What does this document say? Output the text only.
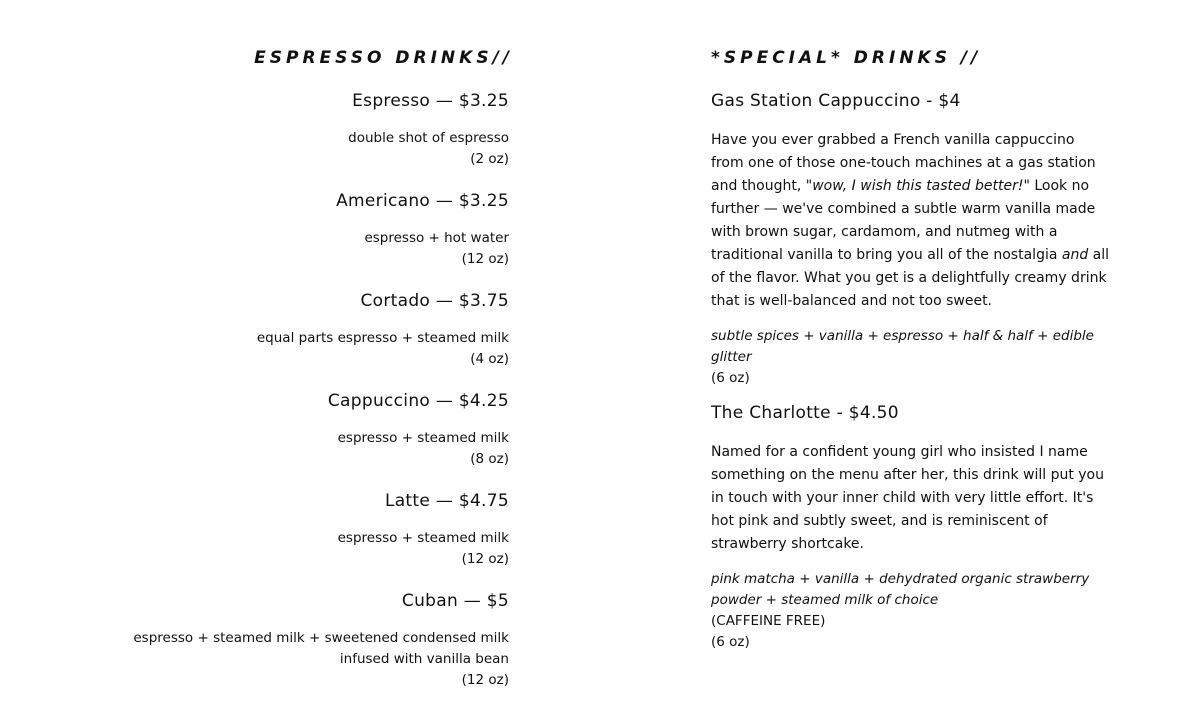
ESPRESSO DRINKS//
Espresso — $3.25
double shot of espresso
(2 oz)
Americano — $3.25
espresso + hot water
(12 oz)
Cortado — $3.75
equal parts espresso + steamed milk
(4 oz)
Cappuccino — $4.25
espresso + steamed milk
(8 oz)
Latte — $4.75
espresso + steamed milk
(12 oz)
Cuban — $5
espresso + steamed milk + sweetened condensed milk
infused with vanilla bean
(12 oz)
*SPECIAL* DRINKS //
Gas Station Cappuccino - $4
Have you ever grabbed a French vanilla cappuccino from one of those one-touch machines at a gas station and thought, "wow, I wish this tasted better!" Look no further — we've combined a subtle warm vanilla made with brown sugar, cardamom, and nutmeg with a traditional vanilla to bring you all of the nostalgia and all of the flavor. What you get is a delightfully creamy drink that is well-balanced and not too sweet.
subtle spices + vanilla + espresso + half & half + edible glitter
(6 oz)
The Charlotte - $4.50
Named for a confident young girl who insisted I name something on the menu after her, this drink will put you in touch with your inner child with very little effort. It's hot pink and subtly sweet, and is reminiscent of strawberry shortcake.
pink matcha + vanilla + dehydrated organic strawberry powder + steamed milk of choice
(CAFFEINE FREE)
(6 oz)
